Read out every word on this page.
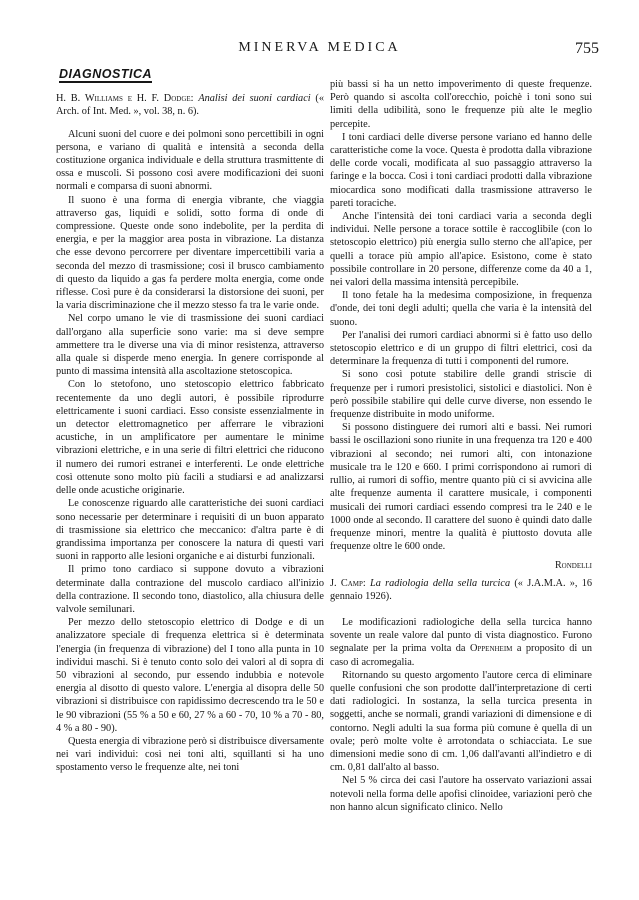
MINERVA MEDICA	755
DIAGNOSTICA

H. B. Williams e H. F. Dodge: Analisi dei suoni cardiaci (« Arch. of Int. Med. », vol. 38, n. 6).

Alcuni suoni del cuore e dei polmoni sono percettibili in ogni persona, e variano di qualità e intensità a seconda della costituzione organica individuale e della struttura trasmittente di ossa e muscoli. Si possono così avere modificazioni dei suoni normali e comparsa di suoni abnormi.

Il suono è una forma di energia vibrante, che viaggia attraverso gas, liquidi e solidi, sotto forma di onde di compressione. Queste onde sono indebolite, per la perdita di energia, e per la maggior area posta in vibrazione. La distanza che esse devono percorrere per diventare impercettibili varia a seconda del mezzo di trasmissione; così il brusco cambiamento di questo da liquido a gas fa perdere molta energia, come onde riflesse. Così pure è da considerarsi la distorsione dei suoni, per la varia discriminazione che il mezzo stesso fa tra le varie onde.

Nel corpo umano le vie di trasmissione dei suoni cardiaci dall'organo alla superficie sono varie: ma si deve sempre ammettere tra le diverse una via di minor resistenza, attraverso alla quale si disperde meno energia. In genere corrisponde al punto di massima intensità alla ascoltazione stetoscopica.

Con lo stetofono, uno stetoscopio elettrico fabbricato recentemente da uno degli autori, è possibile riprodurre elettricamente i suoni cardiaci. Esso consiste essenzialmente in un detector elettromagnetico per afferrare le vibrazioni acustiche, in un amplificatore per aumentare le minime vibrazioni elettriche, e in una serie di filtri elettrici che riducono il numero dei rumori estranei e interferenti. Le onde elettriche così ottenute sono molto più facili a studiarsi e ad analizzarsi delle onde acustiche originarie.

Le conoscenze riguardo alle caratteristiche dei suoni cardiaci sono necessarie per determinare i requisiti di un buon apparato di trasmissione sia elettrico che meccanico: d'altra parte è di grandissima importanza per conoscere la natura di questi vari suoni in rapporto alle lesioni organiche e ai disturbi funzionali.

Il primo tono cardiaco si suppone dovuto a vibrazioni determinate dalla contrazione del muscolo cardiaco all'inizio della contrazione. Il secondo tono, diastolico, alla chiusura delle valvole semilunari.

Per mezzo dello stetoscopio elettrico di Dodge e di un analizzatore speciale di frequenza elettrica si è determinata l'energia (in frequenza di vibrazione) del I tono alla punta in 10 individui maschi. Si è tenuto conto solo dei valori al di sopra di 50 vibrazioni al secondo, pur essendo indubbia e notevole energia al disotto di questo valore. L'energia al disopra delle 50 vibrazioni si distribuisce con rapidissimo decrescendo tra le 50 e le 90 vibrazioni (55 % a 50 e 60, 27 % a 60 - 70, 10 % a 70 - 80, 4 % a 80 - 90).

Questa energia di vibrazione però si distribuisce diversamente nei vari individui: così nei toni alti, squillanti si ha uno spostamento verso le frequenze alte, nei toni

più bassi si ha un netto impoverimento di queste frequenze. Però quando si ascolta coll'orecchio, poichè i toni sono sui limiti della udibilità, sono le frequenze più alte le meglio percepite.

I toni cardiaci delle diverse persone variano ed hanno delle caratteristiche come la voce. Questa è prodotta dalla vibrazione delle corde vocali, modificata al suo passaggio attraverso la faringe e la bocca. Così i toni cardiaci prodotti dalla vibrazione miocardica sono modificati dalla trasmissione attraverso le pareti toraciche.

Anche l'intensità dei toni cardiaci varia a seconda degli individui. Nelle persone a torace sottile è raccoglibile (con lo stetoscopio elettrico) più energia sullo sterno che all'apice, per quelli a torace più ampio all'apice. Esistono, come è stato possibile controllare in 20 persone, differenze come da 40 a 1, nei valori della massima intensità percepibile.

Il tono fetale ha la medesima composizione, in frequenza d'onde, dei toni degli adulti; quella che varia è la intensità del suono.

Per l'analisi dei rumori cardiaci abnormi si è fatto uso dello stetoscopio elettrico e di un gruppo di filtri elettrici, così da determinare la frequenza di tutti i componenti del rumore.

Si sono così potute stabilire delle grandi striscie di frequenze per i rumori presistolici, sistolici e diastolici. Non è però possibile stabilire qui delle curve diverse, non essendo le frequenze distribuite in modo uniforme.

Si possono distinguere dei rumori alti e bassi. Nei rumori bassi le oscillazioni sono riunite in una frequenza tra 120 e 400 vibrazioni al secondo; nei rumori alti, con intonazione musicale tra le 120 e 660. I primi corrispondono ai rumori di rullio, ai rumori di soffio, mentre quanto più ci si avvicina alle alte frequenze aumenta il carattere musicale, i componenti musicali dei rumori cardiaci essendo compresi tra le 240 e le 1000 onde al secondo. Il carattere del suono è quindi dato dalle frequenze minori, mentre la qualità è piuttosto dovuta alle frequenze oltre le 600 onde.

Rondelli

J. Camp: La radiologia della sella turcica (« J.A.M.A. », 16 gennaio 1926).

Le modificazioni radiologiche della sella turcica hanno sovente un reale valore dal punto di vista diagnostico. Furono segnalate per la prima volta da Oppenheim a proposito di un caso di acromegalia.

Ritornando su questo argomento l'autore cerca di eliminare quelle confusioni che son prodotte dall'interpretazione di certi dati radiologici. In sostanza, la sella turcica presenta in soggetti, anche se normali, grandi variazioni di dimensione e di contorno. Negli adulti la sua forma più comune è quella di un ovale; però molte volte è arrotondata o schiacciata. Le sue dimensioni medie sono di cm. 1,06 dall'avanti all'indietro e di cm. 0,81 dall'alto al basso.

Nel 5 % circa dei casi l'autore ha osservato variazioni assai notevoli nella forma delle apofisi clinoidee, variazioni però che non hanno alcun significato clinico. Nello
